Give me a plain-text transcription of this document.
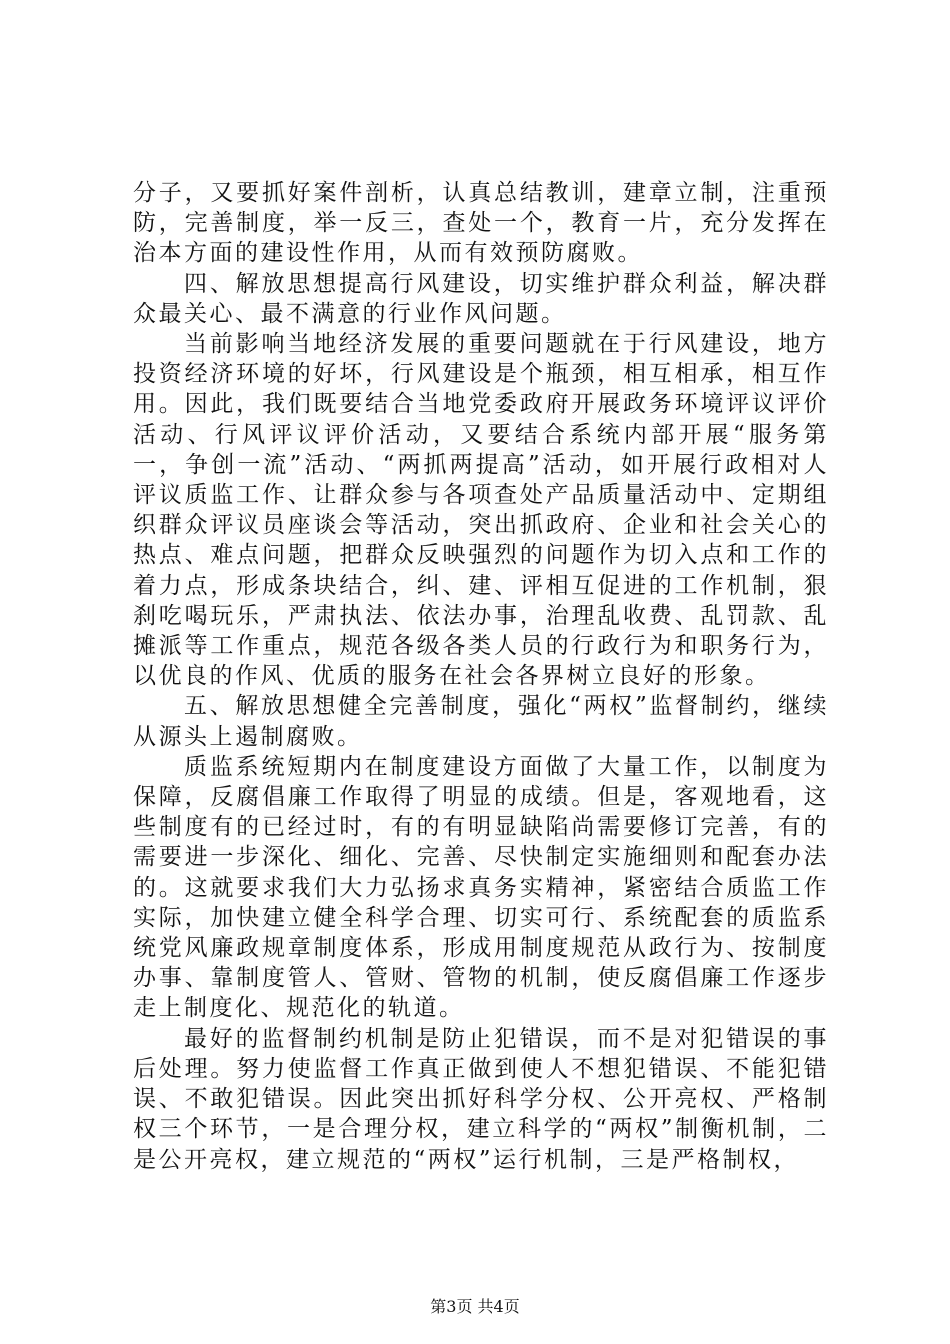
分子，又要抓好案件剖析，认真总结教训，建章立制，注重预防，完善制度，举一反三，查处一个，教育一片，充分发挥在治本方面的建设性作用，从而有效预防腐败。

四、解放思想提高行风建设，切实维护群众利益，解决群众最关心、最不满意的行业作风问题。

当前影响当地经济发展的重要问题就在于行风建设，地方投资经济环境的好坏，行风建设是个瓶颈，相互相承，相互作用。因此，我们既要结合当地党委政府开展政务环境评议评价活动、行风评议评价活动，又要结合系统内部开展“服务第一，争创一流”活动、“两抓两提高”活动，如开展行政相对人评议质监工作、让群众参与各项查处产品质量活动中、定期组织群众评议员座谈会等活动，突出抓政府、企业和社会关心的热点、难点问题，把群众反映强烈的问题作为切入点和工作的着力点，形成条块结合，纠、建、评相互促进的工作机制，狠刹吃喝玩乐，严肃执法、依法办事，治理乱收费、乱罚款、乱摊派等工作重点，规范各级各类人员的行政行为和职务行为，以优良的作风、优质的服务在社会各界树立良好的形象。

五、解放思想健全完善制度，强化“两权”监督制约，继续从源头上遏制腐败。

质监系统短期内在制度建设方面做了大量工作，以制度为保障，反腐倡廉工作取得了明显的成绩。但是，客观地看，这些制度有的已经过时，有的有明显缺陷尚需要修订完善，有的需要进一步深化、细化、完善、尽快制定实施细则和配套办法的。这就要求我们大力弘扬求真务实精神，紧密结合质监工作实际，加快建立健全科学合理、切实可行、系统配套的质监系统党风廉政规章制度体系，形成用制度规范从政行为、按制度办事、靠制度管人、管财、管物的机制，使反腐倡廉工作逐步走上制度化、规范化的轨道。

最好的监督制约机制是防止犯错误，而不是对犯错误的事后处理。努力使监督工作真正做到使人不想犯错误、不能犯错误、不敢犯错误。因此突出抓好科学分权、公开亮权、严格制权三个环节，一是合理分权，建立科学的“两权”制衡机制，二是公开亮权，建立规范的“两权”运行机制，三是严格制权，

第3页 共4页
